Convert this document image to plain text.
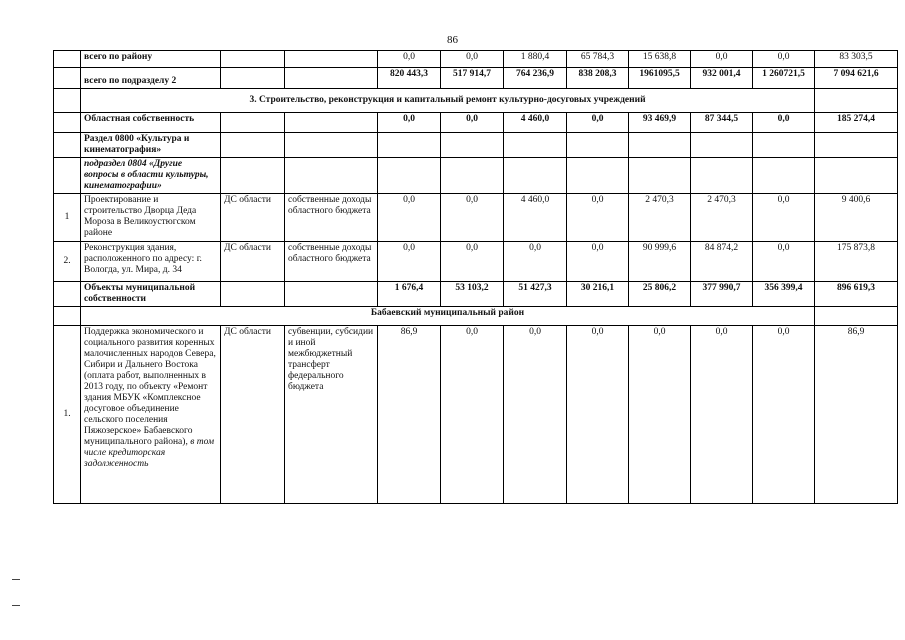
86
	всего по району			0,0	0,0	1 880,4	65 784,3	15 638,8	0,0	0,0	83 303,5
	всего по подразделу 2			820 443,3	517 914,7	764 236,9	838 208,3	1961095,5	932 001,4	1 260721,5	7 094 621,6
	3. Строительство, реконструкция и капитальный ремонт культурно-досуговых учреждений										
	Областная собственность			0,0	0,0	4 460,0	0,0	93 469,9	87 344,5	0,0	185 274,4
	Раздел 0800 «Культура и кинематография»										
	подраздел 0804 «Другие вопросы в области культуры, кинематографии»										
1	Проектирование и строительство Дворца Деда Мороза в Великоустюгском районе	ДС области	собственные доходы областного бюджета	0,0	0,0	4 460,0	0,0	2 470,3	2 470,3	0,0	9 400,6
2.	Реконструкция здания, расположенного по адресу: г. Вологда, ул. Мира, д. 34	ДС области	собственные доходы областного бюджета	0,0	0,0	0,0	0,0	90 999,6	84 874,2	0,0	175 873,8
	Объекты муниципальной собственности			1 676,4	53 103,2	51 427,3	30 216,1	25 806,2	377 990,7	356 399,4	896 619,3
	Бабаевский муниципальный район										
1.	Поддержка экономического и социального развития коренных малочисленных народов Севера, Сибири и Дальнего Востока (оплата работ, выполненных в 2013 году, по объекту «Ремонт здания МБУК «Комплексное досуговое объединение сельского поселения Пяжозерское» Бабаевского муниципального района), в том числе кредиторская задолженность	ДС области	субвенции, субсидии и иной межбюджетный трансферт федерального бюджета	86,9	0,0	0,0	0,0	0,0	0,0	0,0	86,9
